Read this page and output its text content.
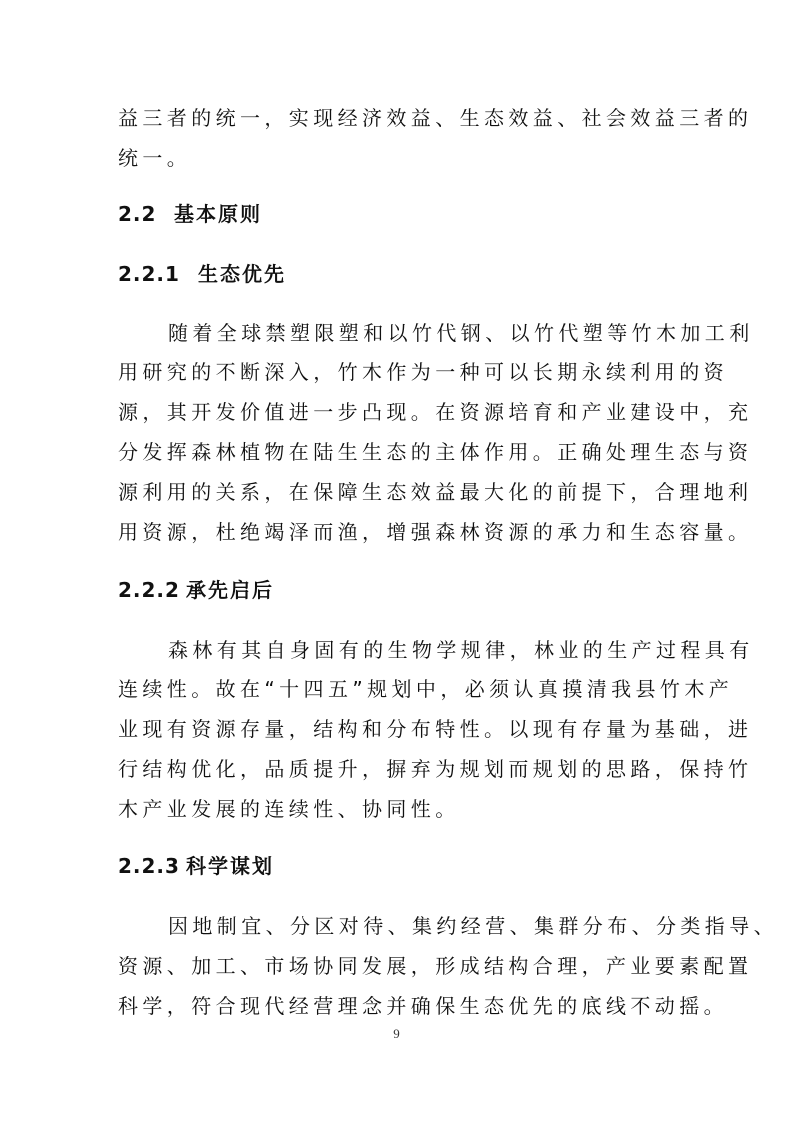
益三者的统一，实现经济效益、生态效益、社会效益三者的
统一。
2.2 基本原则
2.2.1 生态优先
随着全球禁塑限塑和以竹代钢、以竹代塑等竹木加工利
用研究的不断深入，竹木作为一种可以长期永续利用的资
源，其开发价值进一步凸现。在资源培育和产业建设中，充
分发挥森林植物在陆生生态的主体作用。正确处理生态与资
源利用的关系，在保障生态效益最大化的前提下，合理地利
用资源，杜绝竭泽而渔，增强森林资源的承力和生态容量。
2.2.2 承先启后
森林有其自身固有的生物学规律，林业的生产过程具有
连续性。故在“十四五”规划中，必须认真摸清我县竹木产
业现有资源存量，结构和分布特性。以现有存量为基础，进
行结构优化，品质提升，摒弃为规划而规划的思路，保持竹
木产业发展的连续性、协同性。
2.2.3 科学谋划
因地制宜、分区对待、集约经营、集群分布、分类指导、
资源、加工、市场协同发展，形成结构合理，产业要素配置
科学，符合现代经营理念并确保生态优先的底线不动摇。
9
